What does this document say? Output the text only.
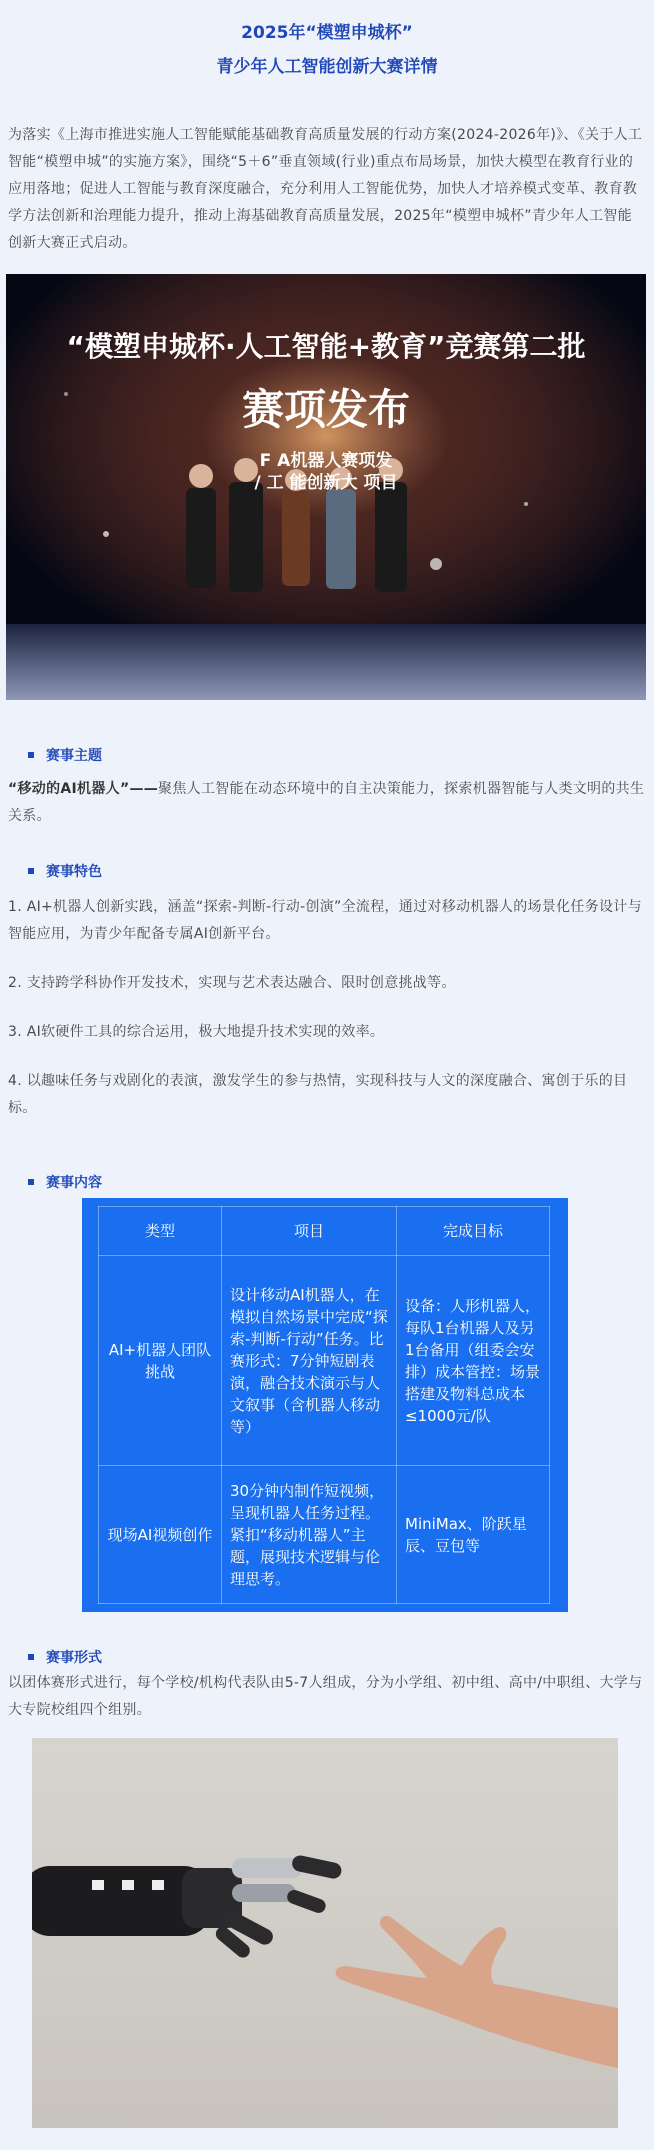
2025年“模塑申城杯”
青少年人工智能创新大赛详情

为落实《上海市推进实施人工智能赋能基础教育高质量发展的行动方案(2024-2026年)》、《关于人工智能“模塑申城”的实施方案》，围绕“5＋6”垂直领域(行业)重点布局场景，加快大模型在教育行业的应用落地；促进人工智能与教育深度融合，充分利用人工智能优势，加快人才培养模式变革、教育教学方法创新和治理能力提升，推动上海基础教育高质量发展，2025年“模塑申城杯”青少年人工智能创新大赛正式启动。

“模塑申城杯·人工智能+教育”竞赛第二批
赛项发布
F A机器人赛项发
/ 工 能创新大 项目
赛事主题

“移动的AI机器人”——聚焦人工智能在动态环境中的自主决策能力，探索机器智能与人类文明的共生关系。

赛事特色

1. AI+机器人创新实践，涵盖“探索-判断-行动-创演”全流程，通过对移动机器人的场景化任务设计与智能应用，为青少年配备专属AI创新平台。

2. 支持跨学科协作开发技术，实现与艺术表达融合、限时创意挑战等。

3. AI软硬件工具的综合运用，极大地提升技术实现的效率。

4. 以趣味任务与戏剧化的表演，激发学生的参与热情，实现科技与人文的深度融合、寓创于乐的目标。

赛事内容
类型	项目	完成目标
AI+机器人团队挑战	设计移动AI机器人，在模拟自然场景中完成“探索-判断-行动”任务。比赛形式：7分钟短剧表演，融合技术演示与人文叙事（含机器人移动等）	设备：人形机器人，每队1台机器人及另1台备用（组委会安排）成本管控：场景搭建及物料总成本≤1000元/队
现场AI视频创作	30分钟内制作短视频，呈现机器人任务过程。紧扣“移动机器人”主题，展现技术逻辑与伦理思考。	MiniMax、阶跃星辰、豆包等
赛事形式

以团体赛形式进行，每个学校/机构代表队由5-7人组成，分为小学组、初中组、高中/中职组、大学与大专院校组四个组别。
